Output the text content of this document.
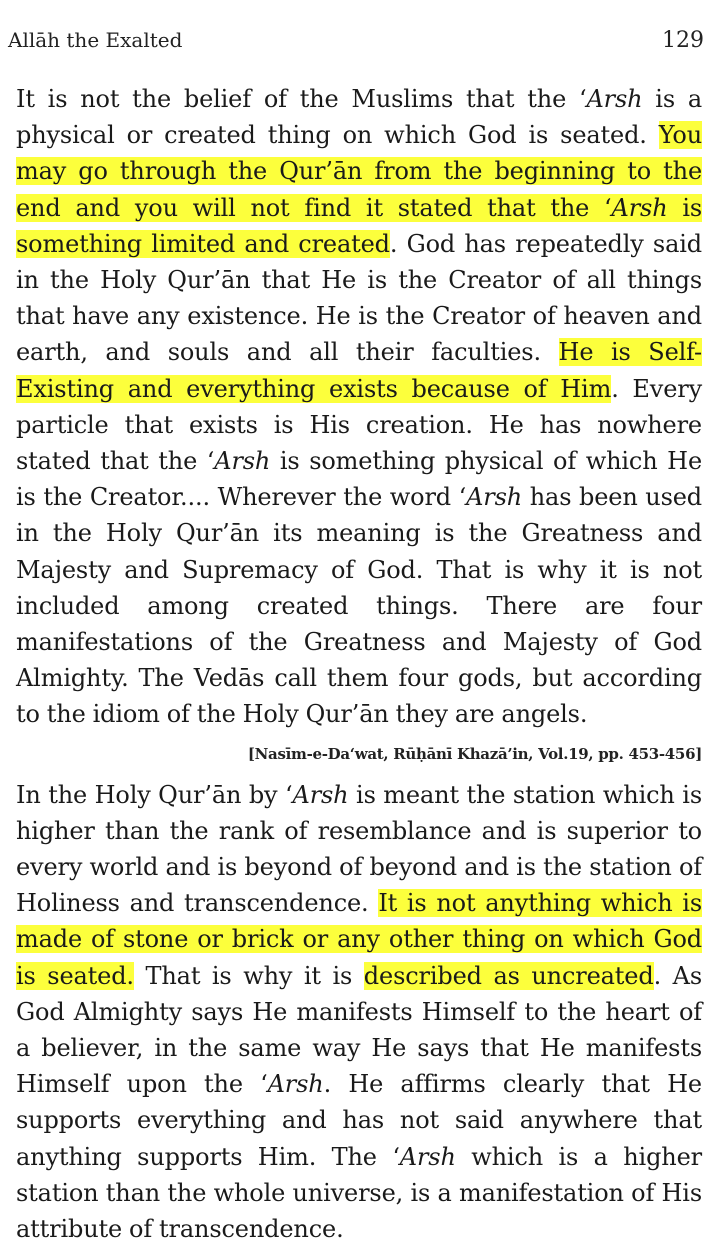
Allāh the Exalted	129

It is not the belief of the Muslims that the ‘Arsh is a physical or created thing on which God is seated. You may go through the Qur’ān from the beginning to the end and you will not find it stated that the ‘Arsh is something limited and created. God has repeatedly said in the Holy Qur’ān that He is the Creator of all things that have any existence. He is the Creator of heaven and earth, and souls and all their faculties. He is Self-Existing and everything exists because of Him. Every particle that exists is His creation. He has nowhere stated that the ‘Arsh is something physical of which He is the Creator.... Wherever the word ‘Arsh has been used in the Holy Qur’ān its meaning is the Greatness and Majesty and Supremacy of God. That is why it is not included among created things. There are four manifestations of the Greatness and Majesty of God Almighty. The Vedās call them four gods, but according to the idiom of the Holy Qur’ān they are angels.

[Nasīm-e-Da‘wat, Rūḥānī Khazā’in, Vol.19, pp. 453-456]

In the Holy Qur’ān by ‘Arsh is meant the station which is higher than the rank of resemblance and is superior to every world and is beyond of beyond and is the station of Holiness and transcendence. It is not anything which is made of stone or brick or any other thing on which God is seated. That is why it is described as uncreated. As God Almighty says He manifests Himself to the heart of a believer, in the same way He says that He manifests Himself upon the ‘Arsh. He affirms clearly that He supports everything and has not said anywhere that anything supports Him. The ‘Arsh which is a higher station than the whole universe, is a manifestation of His attribute of transcendence.
